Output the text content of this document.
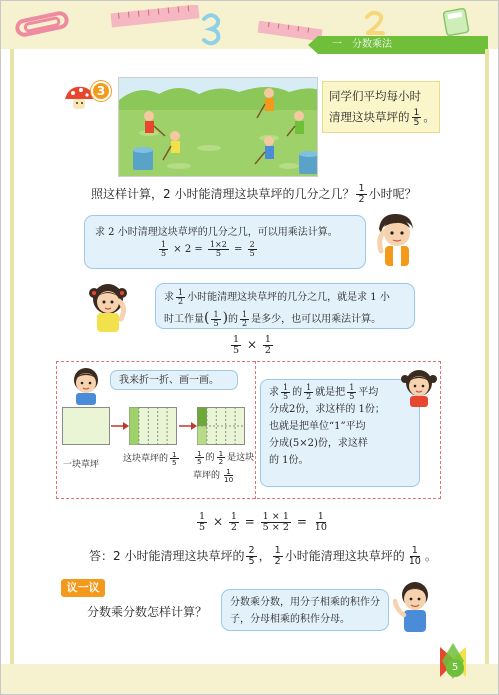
一　分数乘法
3	同学们平均每小时
清理这块草坪的 $\frac{1}{5}$ 。
照这样计算，2 小时能清理这块草坪的几分之几？ $\frac{1}{2}$ 小时呢？
求 2 小时清理这块草坪的几分之几，可以用乘法计算。
$\frac{1}{5} \times 2 = \frac{1\times 2}{5} = \frac{2}{5}$
求 $\frac{1}{2}$ 小时能清理这块草坪的几分之几，就是求 1 小
时工作量( $\frac{1}{5}$ )的 $\frac{1}{2}$ 是多少，也可以用乘法计算。
$\frac{1}{5} \times \frac{1}{2}$
我来折一折、画一画。
一块草坪
这块草坪的 $\frac{1}{5} \frac{1}{5}$ 的 $\frac{1}{2}$ 是这块
草坪的 $\frac{1}{10}$
求 $\frac{1}{5}$ 的 $\frac{1}{2}$ 就是把 $\frac{1}{5}$ 平均
分成2份，求这样的 1份；
也就是把单位“1”平均
分成(5×2)份，求这样
的 1份。
$\frac{1}{5} \times \frac{1}{2} = \frac{1 \times 1}{5 \times 2} = \frac{1}{10}$
答：2 小时能清理这块草坪的 $\frac{2}{5}$ ， $\frac{1}{2}$ 小时能清理这块草坪的 $\frac{1}{10}$ 。
议一议
分数乘分数怎样计算？
分数乘分数，用分子相乘的积作分子，分母相乘的积作分母。
5
